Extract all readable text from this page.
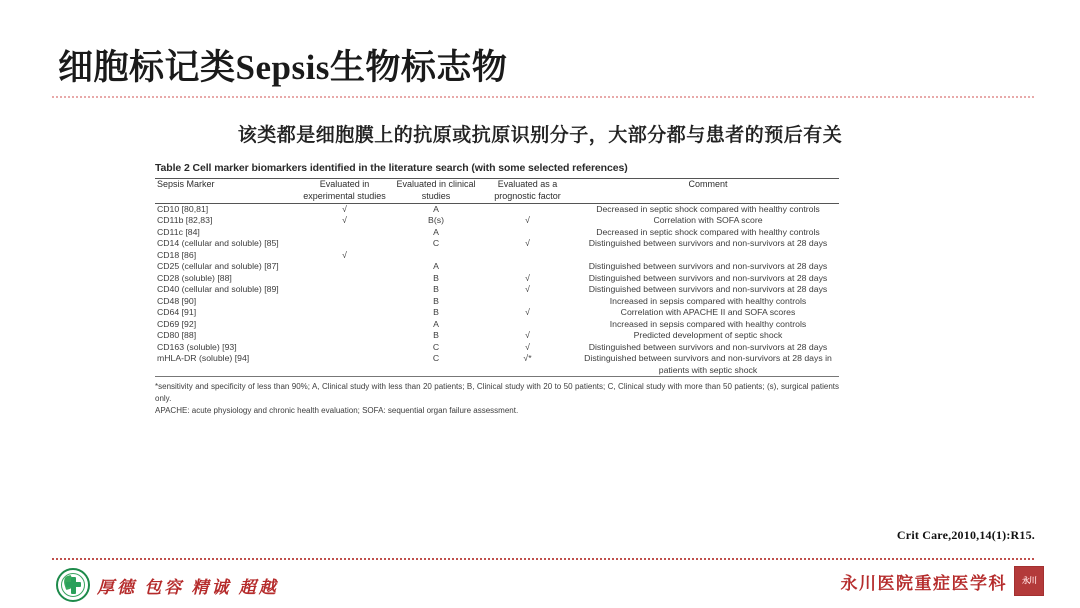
细胞标记类Sepsis生物标志物
该类都是细胞膜上的抗原或抗原识别分子，大部分都与患者的预后有关
Table 2 Cell marker biomarkers identified in the literature search (with some selected references)
Sepsis Marker	Evaluated in experimental studies	Evaluated in clinical studies	Evaluated as a prognostic factor	Comment
CD10 [80,81]	√	A		Decreased in septic shock compared with healthy controls
CD11b [82,83]	√	B(s)	√	Correlation with SOFA score
CD11c [84]		A		Decreased in septic shock compared with healthy controls
CD14 (cellular and soluble) [85]		C	√	Distinguished between survivors and non-survivors at 28 days
CD18 [86]	√			
CD25 (cellular and soluble) [87]		A		Distinguished between survivors and non-survivors at 28 days
CD28 (soluble) [88]		B	√	Distinguished between survivors and non-survivors at 28 days
CD40 (cellular and soluble) [89]		B	√	Distinguished between survivors and non-survivors at 28 days
CD48 [90]		B		Increased in sepsis compared with healthy controls
CD64 [91]		B	√	Correlation with APACHE II and SOFA scores
CD69 [92]		A		Increased in sepsis compared with healthy controls
CD80 [88]		B	√	Predicted development of septic shock
CD163 (soluble) [93]		C	√	Distinguished between survivors and non-survivors at 28 days
mHLA-DR (soluble) [94]		C	√*	Distinguished between survivors and non-survivors at 28 days in patients with septic shock

*sensitivity and specificity of less than 90%; A, Clinical study with less than 20 patients; B, Clinical study with 20 to 50 patients; C, Clinical study with more than 50 patients; (s), surgical patients only.

APACHE: acute physiology and chronic health evaluation; SOFA: sequential organ failure assessment.

Crit Care,2010,14(1):R15.
厚德 包容 精诚 超越	永川医院重症医学科	永川
